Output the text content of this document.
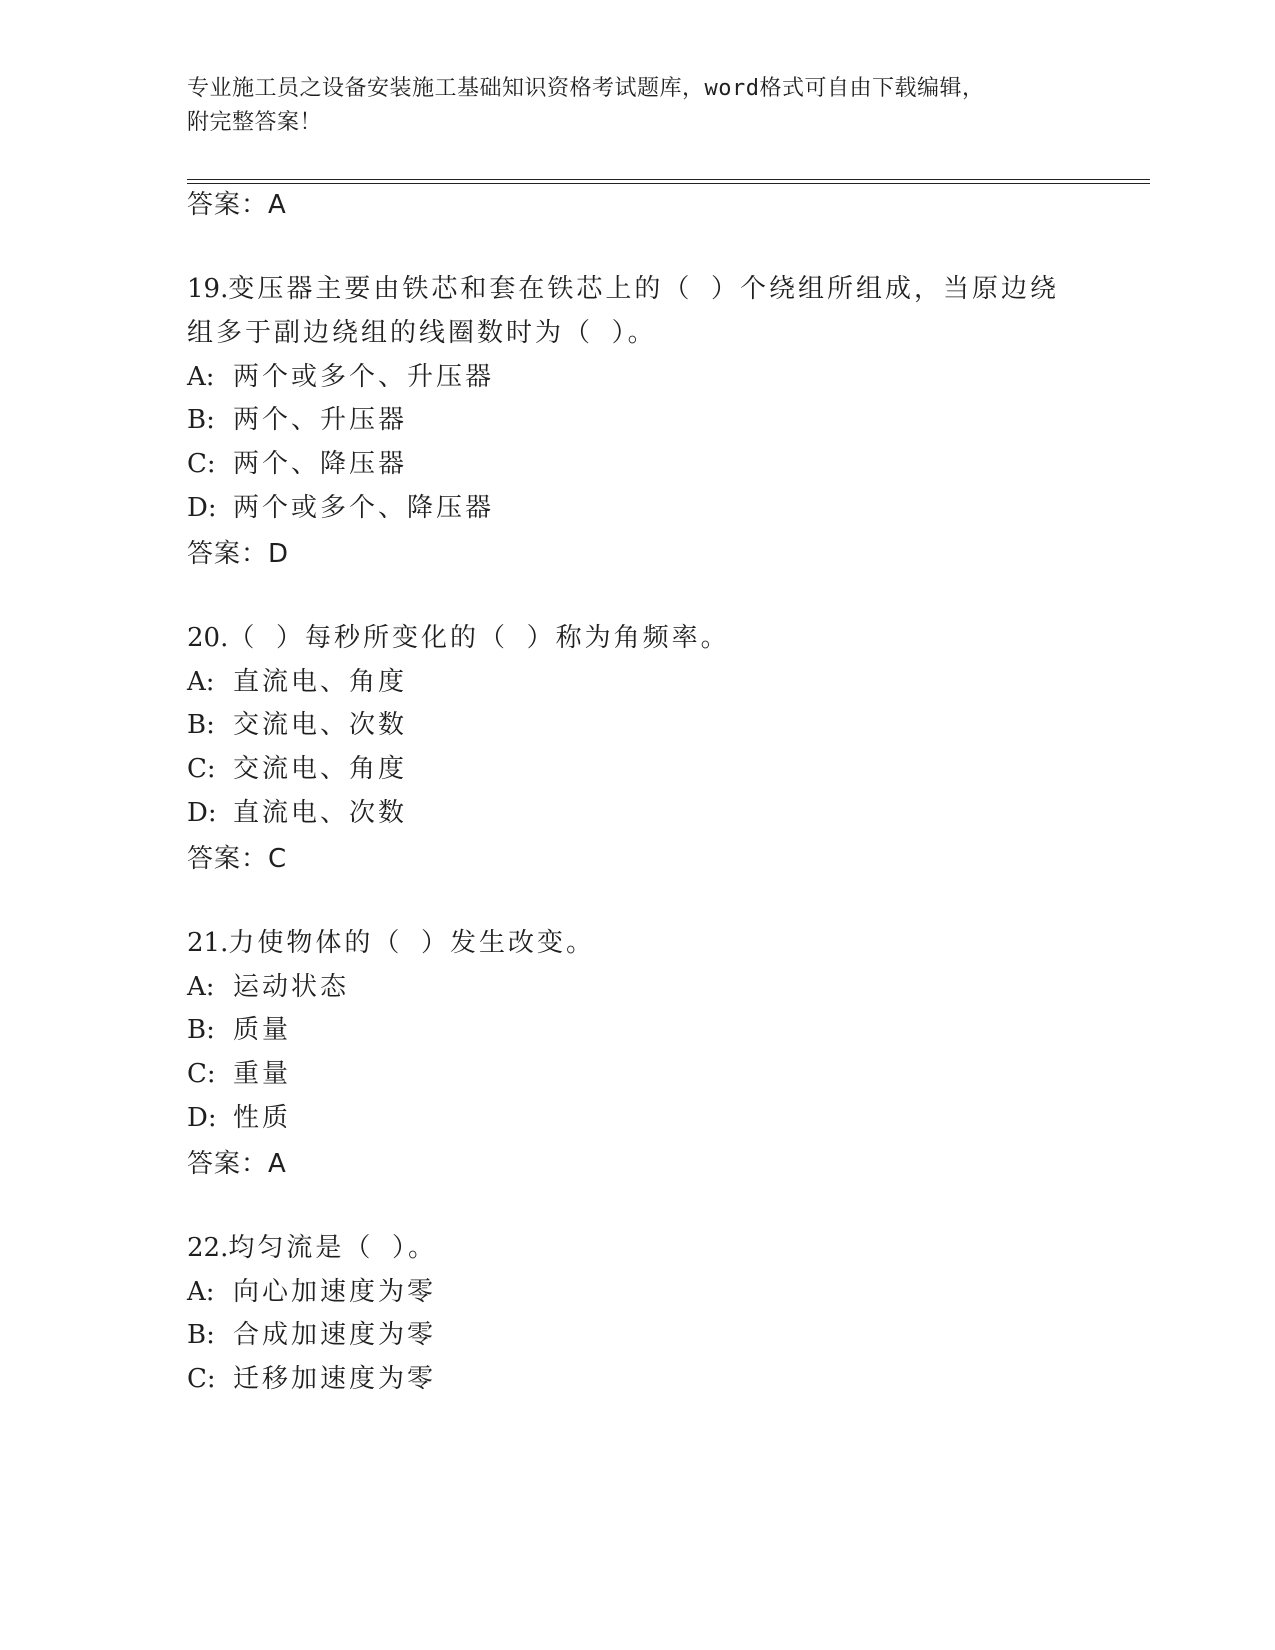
专业施工员之设备安装施工基础知识资格考试题库，word格式可自由下载编辑，
附完整答案！
答案：A
19.变压器主要由铁芯和套在铁芯上的（ ）个绕组所组成，当原边绕
组多于副边绕组的线圈数时为（ ）。
A: 两个或多个、升压器
B: 两个、升压器
C: 两个、降压器
D: 两个或多个、降压器
答案：D
20.（ ）每秒所变化的（ ）称为角频率。
A: 直流电、角度
B: 交流电、次数
C: 交流电、角度
D: 直流电、次数
答案：C
21.力使物体的（ ）发生改变。
A: 运动状态
B: 质量
C: 重量
D: 性质
答案：A
22.均匀流是（ ）。
A: 向心加速度为零
B: 合成加速度为零
C: 迁移加速度为零
